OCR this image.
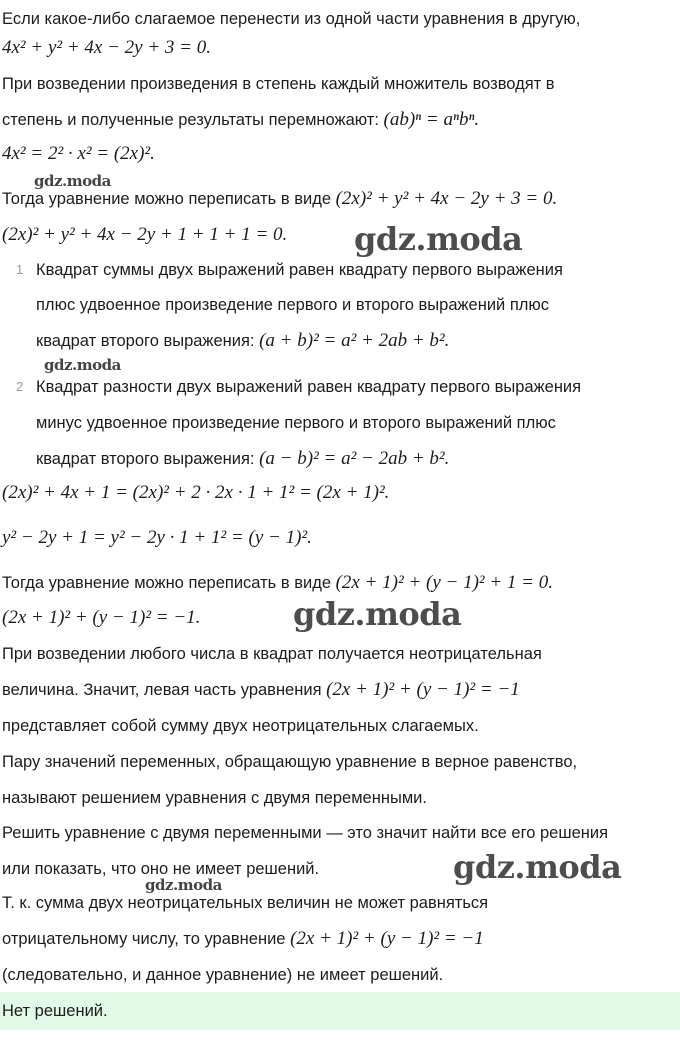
Если какое-либо слагаемое перенести из одной части уравнения в другую,
4x² + y² + 4x − 2y + 3 = 0.
При возведении произведения в степень каждый множитель возводят в
степень и полученные результаты перемножают: (ab)ⁿ = aⁿbⁿ.
4x² = 2² · x² = (2x)².
Тогда уравнение можно переписать в виде (2x)² + y² + 4x − 2y + 3 = 0.
(2x)² + y² + 4x − 2y + 1 + 1 + 1 = 0.
1 Квадрат суммы двух выражений равен квадрату первого выражения
плюс удвоенное произведение первого и второго выражений плюс
квадрат второго выражения: (a + b)² = a² + 2ab + b².
2 Квадрат разности двух выражений равен квадрату первого выражения
минус удвоенное произведение первого и второго выражений плюс
квадрат второго выражения: (a − b)² = a² − 2ab + b².
(2x)² + 4x + 1 = (2x)² + 2 · 2x · 1 + 1² = (2x + 1)².
y² − 2y + 1 = y² − 2y · 1 + 1² = (y − 1)².
Тогда уравнение можно переписать в виде (2x + 1)² + (y − 1)² + 1 = 0.
(2x + 1)² + (y − 1)² = −1.
При возведении любого числа в квадрат получается неотрицательная
величина. Значит, левая часть уравнения (2x + 1)² + (y − 1)² = −1
представляет собой сумму двух неотрицательных слагаемых.
Пару значений переменных, обращающую уравнение в верное равенство,
называют решением уравнения с двумя переменными.
Решить уравнение с двумя переменными — это значит найти все его решения
или показать, что оно не имеет решений.
Т. к. сумма двух неотрицательных величин не может равняться
отрицательному числу, то уравнение (2x + 1)² + (y − 1)² = −1
(следовательно, и данное уравнение) не имеет решений.
Нет решений.
gdz.moda
gdz.moda
gdz.moda
gdz.moda
gdz.moda
gdz.moda
